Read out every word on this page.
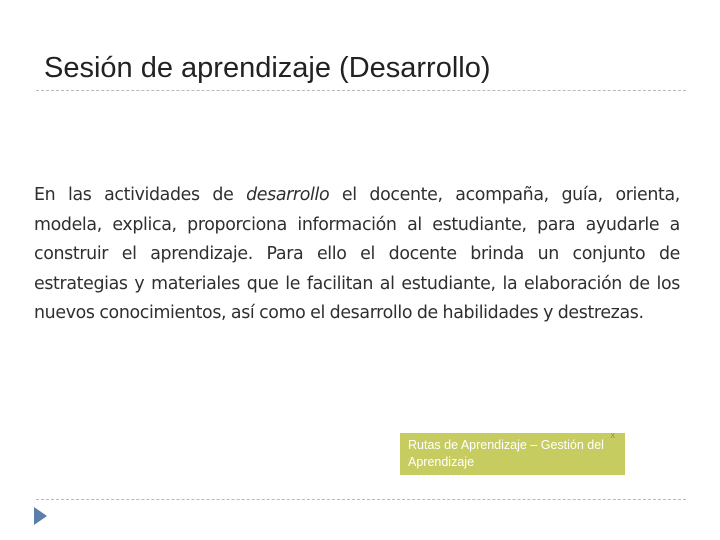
Sesión de aprendizaje (Desarrollo)
En las actividades de desarrollo el docente, acompaña, guía, orienta, modela, explica, proporciona información al estudiante, para ayudarle a construir el aprendizaje. Para ello el docente brinda un conjunto de estrategias y materiales que le facilitan al estudiante, la elaboración de los nuevos conocimientos, así como el desarrollo de habilidades y destrezas.
x
Rutas de Aprendizaje – Gestión del Aprendizaje
